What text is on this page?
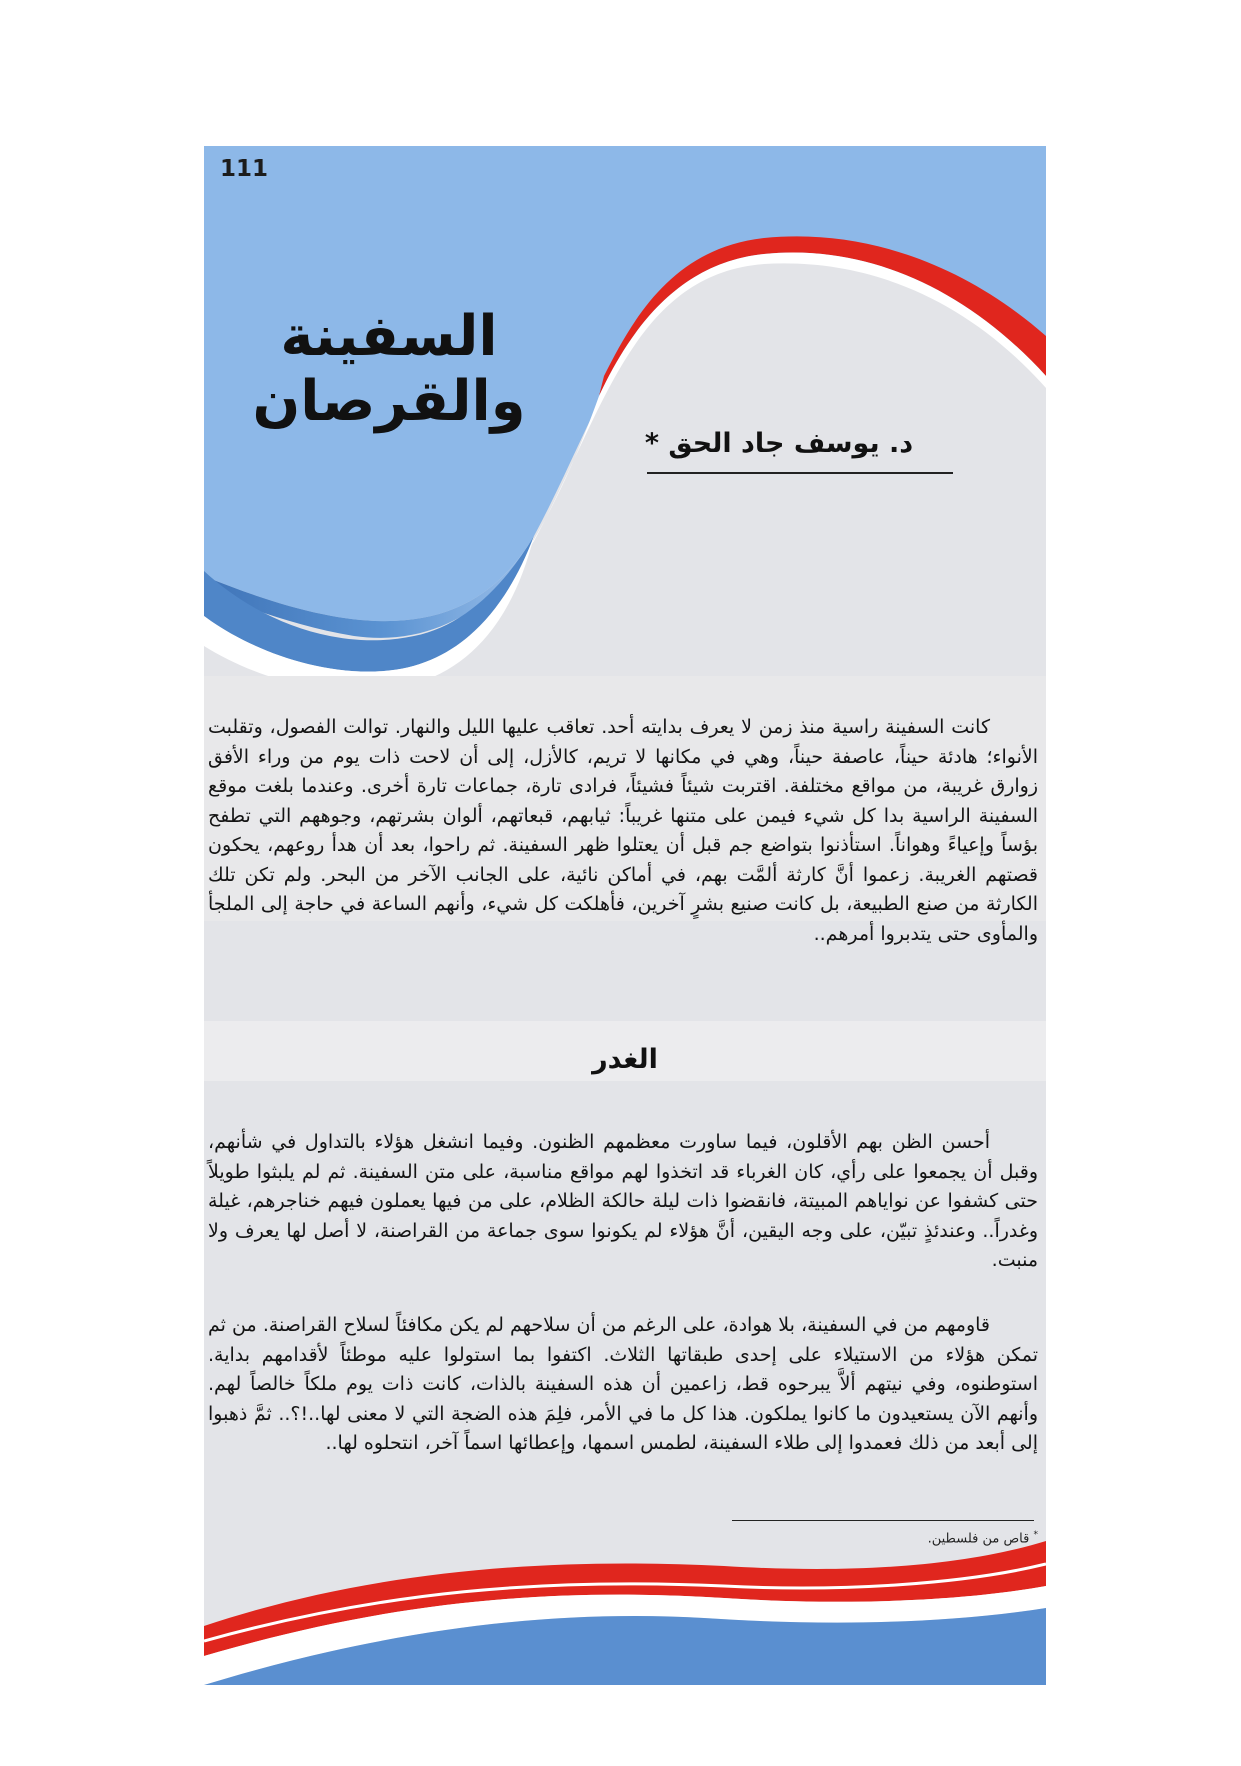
111
السفينة والقرصان
د. يوسف جاد الحق *

كانت السفينة راسية منذ زمن لا يعرف بدايته أحد. تعاقب عليها الليل والنهار. توالت الفصول، وتقلبت الأنواء؛ هادئة حيناً، عاصفة حيناً، وهي في مكانها لا تريم، كالأزل، إلى أن لاحت ذات يوم من وراء الأفق زوارق غريبة، من مواقع مختلفة. اقتربت شيئاً فشيئاً، فرادى تارة، جماعات تارة أخرى. وعندما بلغت موقع السفينة الراسية بدا كل شيء فيمن على متنها غريباً: ثيابهم، قبعاتهم، ألوان بشرتهم، وجوههم التي تطفح بؤساً وإعياءً وهواناً. استأذنوا بتواضع جم قبل أن يعتلوا ظهر السفينة. ثم راحوا، بعد أن هدأ روعهم، يحكون قصتهم الغريبة. زعموا أنَّ كارثة ألمَّت بهم، في أماكن نائية، على الجانب الآخر من البحر. ولم تكن تلك الكارثة من صنع الطبيعة، بل كانت صنيع بشرٍ آخرين، فأهلكت كل شيء، وأنهم الساعة في حاجة إلى الملجأ والمأوى حتى يتدبروا أمرهم..

الغدر

أحسن الظن بهم الأقلون، فيما ساورت معظمهم الظنون. وفيما انشغل هؤلاء بالتداول في شأنهم، وقبل أن يجمعوا على رأي، كان الغرباء قد اتخذوا لهم مواقع مناسبة، على متن السفينة. ثم لم يلبثوا طويلاً حتى كشفوا عن نواياهم المبيتة، فانقضوا ذات ليلة حالكة الظلام، على من فيها يعملون فيهم خناجرهم، غيلة وغدراً.. وعندئذٍ تبيّن، على وجه اليقين، أنَّ هؤلاء لم يكونوا سوى جماعة من القراصنة، لا أصل لها يعرف ولا منبت.

قاومهم من في السفينة، بلا هوادة، على الرغم من أن سلاحهم لم يكن مكافئاً لسلاح القراصنة. من ثم تمكن هؤلاء من الاستيلاء على إحدى طبقاتها الثلاث. اكتفوا بما استولوا عليه موطئاً لأقدامهم بداية. استوطنوه، وفي نيتهم ألاَّ يبرحوه قط، زاعمين أن هذه السفينة بالذات، كانت ذات يوم ملكاً خالصاً لهم. وأنهم الآن يستعيدون ما كانوا يملكون. هذا كل ما في الأمر، فلِمَ هذه الضجة التي لا معنى لها..!؟.. ثمَّ ذهبوا إلى أبعد من ذلك فعمدوا إلى طلاء السفينة، لطمس اسمها، وإعطائها اسماً آخر، انتحلوه لها..

* قاص من فلسطين.
